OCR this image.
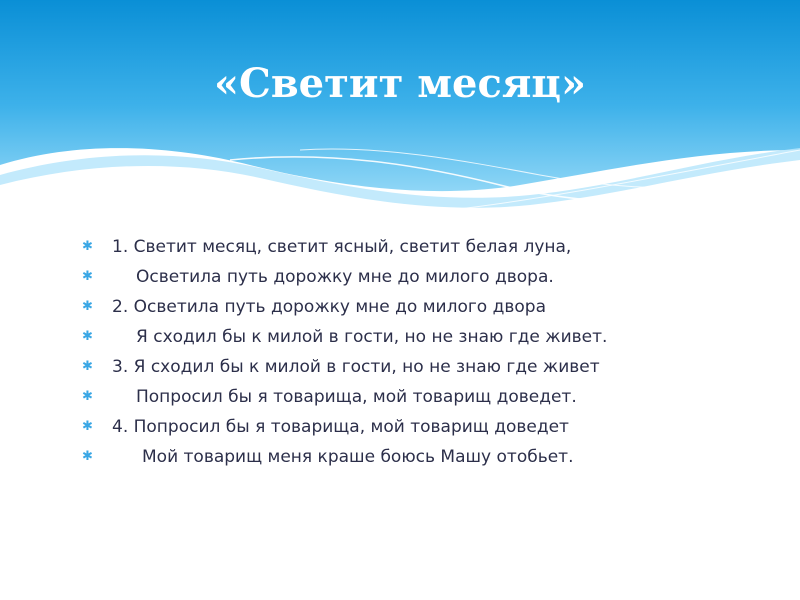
«Светит месяц»
✱ 1. Светит месяц, светит ясный, светит белая луна,
✱	Осветила путь дорожку мне до милого двора.
✱ 2. Осветила путь дорожку мне до милого двора
✱	Я сходил бы к милой в гости, но не знаю где живет.
✱ 3. Я сходил бы к милой в гости, но не знаю где живет
✱	Попросил бы я товарища, мой товарищ доведет.
✱ 4. Попросил бы я товарища, мой товарищ доведет
✱	Мой товарищ меня краше боюсь Машу отобьет.
